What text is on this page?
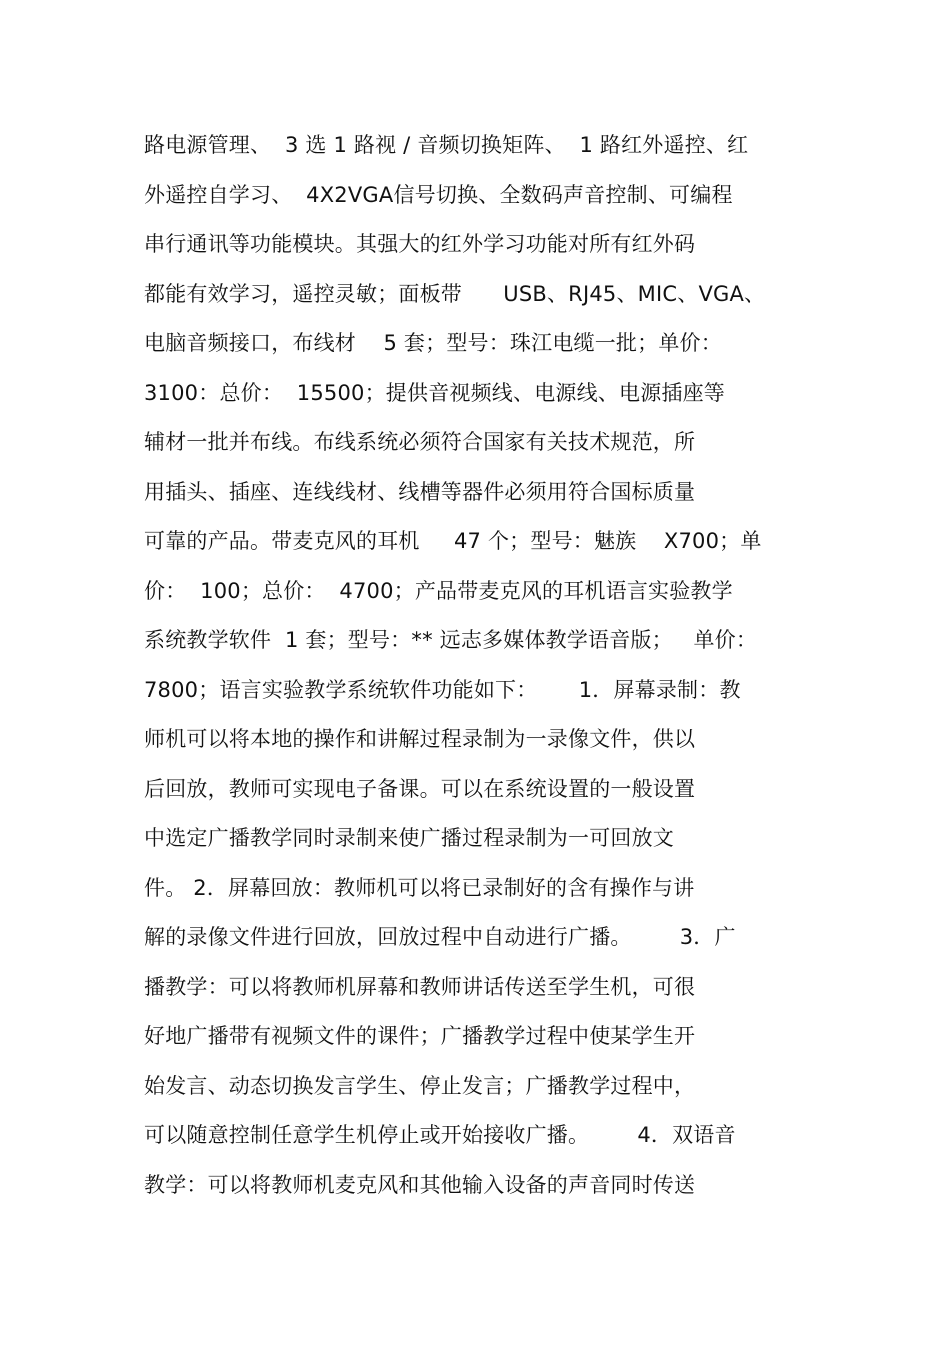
路电源管理、  3 选 1 路视 / 音频切换矩阵、  1 路红外遥控、红
外遥控自学习、  4X2VGA信号切换、全数码声音控制、可编程
串行通讯等功能模块。其强大的红外学习功能对所有红外码
都能有效学习，遥控灵敏；面板带      USB、RJ45、MIC、VGA、
电脑音频接口，布线材    5 套；型号：珠江电缆一批；单价：
3100：总价：  15500；提供音视频线、电源线、电源插座等
辅材一批并布线。布线系统必须符合国家有关技术规范，所
用插头、插座、连线线材、线槽等器件必须用符合国标质量
可靠的产品。带麦克风的耳机     47 个；型号：魅族    X700；单
价：  100；总价：  4700；产品带麦克风的耳机语言实验教学
系统教学软件  1 套；型号：** 远志多媒体教学语音版；   单价：
7800；语言实验教学系统软件功能如下：      1．屏幕录制：教
师机可以将本地的操作和讲解过程录制为一录像文件，供以
后回放，教师可实现电子备课。可以在系统设置的一般设置
中选定广播教学同时录制来使广播过程录制为一可回放文
件。 2．屏幕回放：教师机可以将已录制好的含有操作与讲
解的录像文件进行回放，回放过程中自动进行广播。       3．广
播教学：可以将教师机屏幕和教师讲话传送至学生机，可很
好地广播带有视频文件的课件；广播教学过程中使某学生开
始发言、动态切换发言学生、停止发言；广播教学过程中，
可以随意控制任意学生机停止或开始接收广播。       4．双语音
教学：可以将教师机麦克风和其他输入设备的声音同时传送
